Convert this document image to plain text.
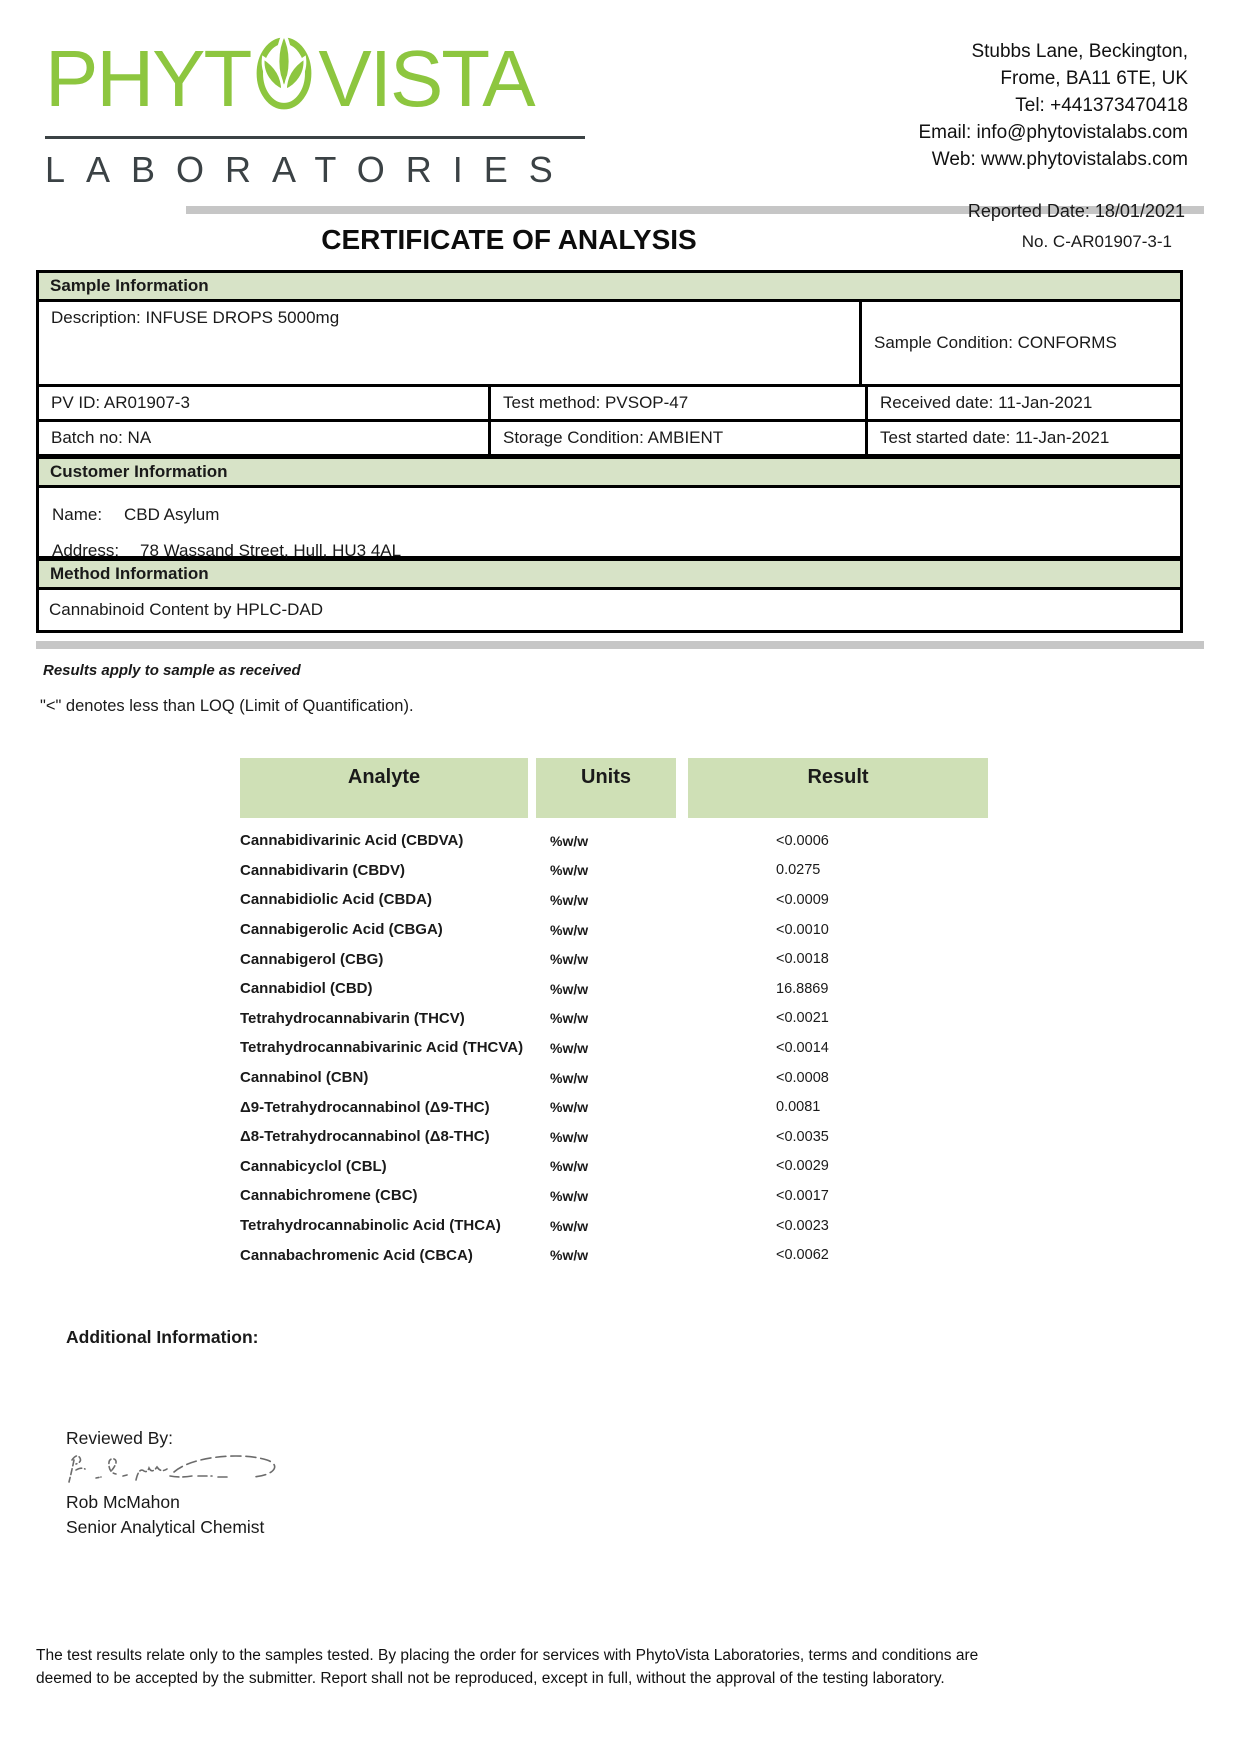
PHYT VISTA
LABORATORIES
Stubbs Lane, Beckington,
Frome, BA11 6TE, UK
Tel: +441373470418
Email: info@phytovistalabs.com
Web: www.phytovistalabs.com
Reported Date: 18/01/2021
No. C-AR01907-3-1
CERTIFICATE OF ANALYSIS
Sample Information
Description: INFUSE DROPS 5000mg
Sample Condition: CONFORMS
PV ID: AR01907-3	Test method: PVSOP-47	Received date: 11-Jan-2021
Batch no: NA	Storage Condition: AMBIENT	Test started date: 11-Jan-2021
Customer Information
Name: CBD Asylum
Address: 78 Wassand Street, Hull, HU3 4AL
Method Information
Cannabinoid Content by HPLC-DAD
Results apply to sample as received
"<" denotes less than LOQ (Limit of Quantification).
Analyte	Units	Result
Cannabidivarinic Acid (CBDVA)	%w/w	<0.0006
Cannabidivarin (CBDV)	%w/w	0.0275
Cannabidiolic Acid (CBDA)	%w/w	<0.0009
Cannabigerolic Acid (CBGA)	%w/w	<0.0010
Cannabigerol (CBG)	%w/w	<0.0018
Cannabidiol (CBD)	%w/w	16.8869
Tetrahydrocannabivarin (THCV)	%w/w	<0.0021
Tetrahydrocannabivarinic Acid (THCVA)	%w/w	<0.0014
Cannabinol (CBN)	%w/w	<0.0008
Δ9-Tetrahydrocannabinol (Δ9-THC)	%w/w	0.0081
Δ8-Tetrahydrocannabinol (Δ8-THC)	%w/w	<0.0035
Cannabicyclol (CBL)	%w/w	<0.0029
Cannabichromene (CBC)	%w/w	<0.0017
Tetrahydrocannabinolic Acid (THCA)	%w/w	<0.0023
Cannabachromenic Acid (CBCA)	%w/w	<0.0062
Additional Information:
Reviewed By:
Rob McMahon
Senior Analytical Chemist
The test results relate only to the samples tested. By placing the order for services with PhytoVista Laboratories, terms and conditions are
deemed to be accepted by the submitter. Report shall not be reproduced, except in full, without the approval of the testing laboratory.
